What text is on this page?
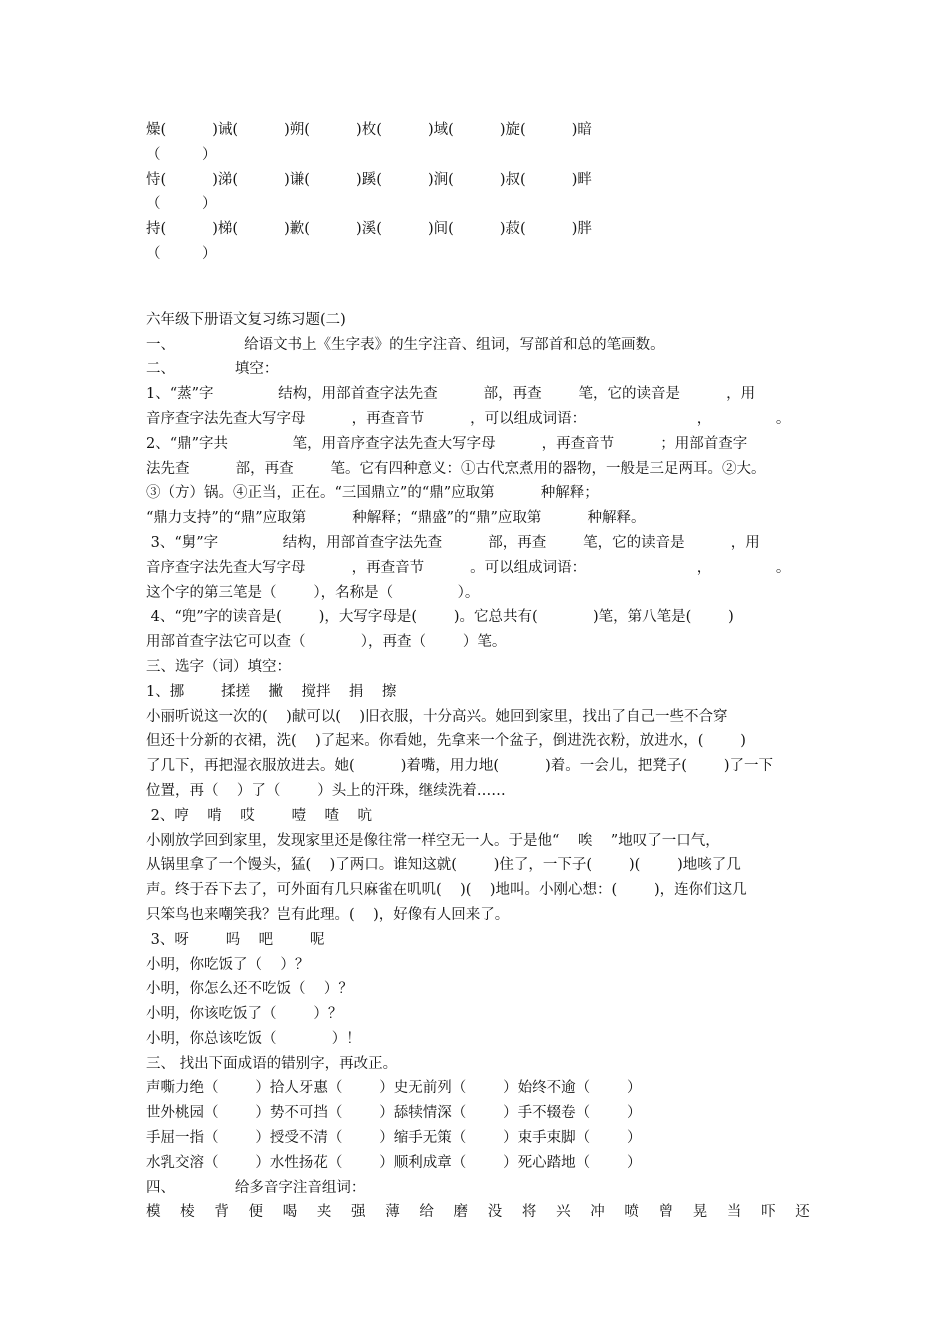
燥(          )诫(          )朔(          )枚(          )域(          )旋(          )暗
（         ）
恃(          )涕(          )谦(          )蹊(          )涧(          )叔(          )畔
（         ）
持(          )梯(          )歉(          )溪(          )间(          )菽(          )胖
（         ）
六年级下册语文复习练习题(二)
一、               给语文书上《生字表》的生字注音、组词，写部首和总的笔画数。
二、             填空：
1、“蒸”字              结构，用部首查字法先查          部，再查        笔，它的读音是          ，用
音序查字法先查大写字母          ，再查音节          ，可以组成词语：                        ，              。
2、“鼎”字共              笔，用音序查字法先查大写字母          ，再查音节          ；用部首查字
法先查          部，再查        笔。它有四种意义：①古代烹煮用的器物，一般是三足两耳。②大。
③（方）锅。④正当，正在。“三国鼎立”的“鼎”应取第          种解释；
“鼎力支持”的“鼎”应取第          种解释；“鼎盛”的“鼎”应取第          种解释。
3、“舅”字              结构，用部首查字法先查          部，再查        笔，它的读音是          ，用
音序查字法先查大写字母          ，再查音节          。可以组成词语：                        ，              。
这个字的第三笔是（        ），名称是（              ）。
4、“兜”字的读音是(        )，大写字母是(        )。它总共有(            )笔，第八笔是(        )
用部首查字法它可以查（            ），再查（        ）笔。
三、选字（词）填空：
1、挪        揉搓    撇    搅拌    捐    擦
小丽听说这一次的(    )献可以(    )旧衣服，十分高兴。她回到家里，找出了自己一些不合穿
但还十分新的衣裙，洗(    )了起来。你看她，先拿来一个盆子，倒进洗衣粉，放进水，(        )
了几下，再把湿衣服放进去。她(          )着嘴，用力地(          )着。一会儿，把凳子(        )了一下
位置，再（    ）了（        ）头上的汗珠，继续洗着……
2、哼    啃    哎        噎    喳    吭
小刚放学回到家里，发现家里还是像往常一样空无一人。于是他“    唉    ”地叹了一口气，
从锅里拿了一个馒头，猛(    )了两口。谁知这就(        )住了，一下子(        )(        )地咳了几
声。终于吞下去了，可外面有几只麻雀在叽叽(    )(    )地叫。小刚心想：(        )，连你们这几
只笨鸟也来嘲笑我？岂有此理。(    )，好像有人回来了。
3、呀        吗    吧        呢
小明，你吃饭了（    ）？
小明，你怎么还不吃饭（    ）？
小明，你该吃饭了（        ）？
小明，你总该吃饭（            ）！
三、 找出下面成语的错别字，再改正。
声嘶力绝（        ）拾人牙惠（        ）史无前列（        ）始终不逾（        ）
世外桃园（        ）势不可挡（        ）舔犊情深（        ）手不辍卷（        ）
手屈一指（        ）授受不清（        ）缩手无策（        ）束手束脚（        ）
水乳交溶（        ）水性扬花（        ）顺利成章（        ）死心踏地（        ）
四、             给多音字注音组词：
模 棱 背 便 喝 夹 强 薄 给 磨 没 将 兴 冲 喷 曾 晃 当 吓 还
